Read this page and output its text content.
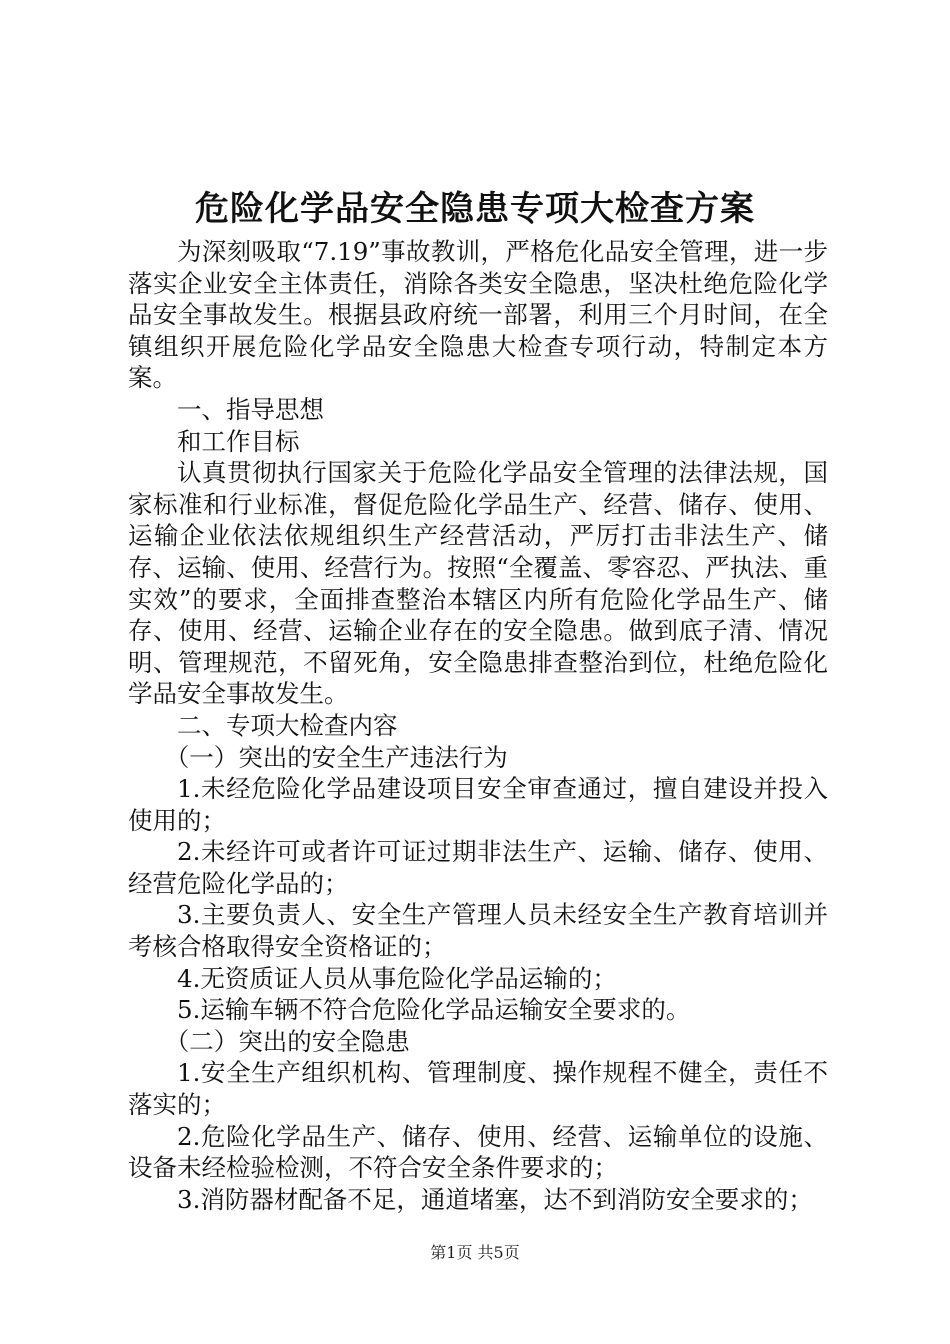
危险化学品安全隐患专项大检查方案

为深刻吸取“7.19”事故教训，严格危化品安全管理，进一步落实企业安全主体责任，消除各类安全隐患，坚决杜绝危险化学品安全事故发生。根据县政府统一部署，利用三个月时间，在全镇组织开展危险化学品安全隐患大检查专项行动，特制定本方案。

一、指导思想

和工作目标

认真贯彻执行国家关于危险化学品安全管理的法律法规，国家标准和行业标准，督促危险化学品生产、经营、储存、使用、运输企业依法依规组织生产经营活动，严厉打击非法生产、储存、运输、使用、经营行为。按照“全覆盖、零容忍、严执法、重实效”的要求，全面排查整治本辖区内所有危险化学品生产、储存、使用、经营、运输企业存在的安全隐患。做到底子清、情况明、管理规范，不留死角，安全隐患排查整治到位，杜绝危险化学品安全事故发生。

二、专项大检查内容

（一）突出的安全生产违法行为

1.未经危险化学品建设项目安全审查通过，擅自建设并投入使用的；

2.未经许可或者许可证过期非法生产、运输、储存、使用、经营危险化学品的；

3.主要负责人、安全生产管理人员未经安全生产教育培训并考核合格取得安全资格证的；

4.无资质证人员从事危险化学品运输的；

5.运输车辆不符合危险化学品运输安全要求的。

（二）突出的安全隐患

1.安全生产组织机构、管理制度、操作规程不健全，责任不落实的；

2.危险化学品生产、储存、使用、经营、运输单位的设施、设备未经检验检测，不符合安全条件要求的；

3.消防器材配备不足，通道堵塞，达不到消防安全要求的；

第1页 共5页
